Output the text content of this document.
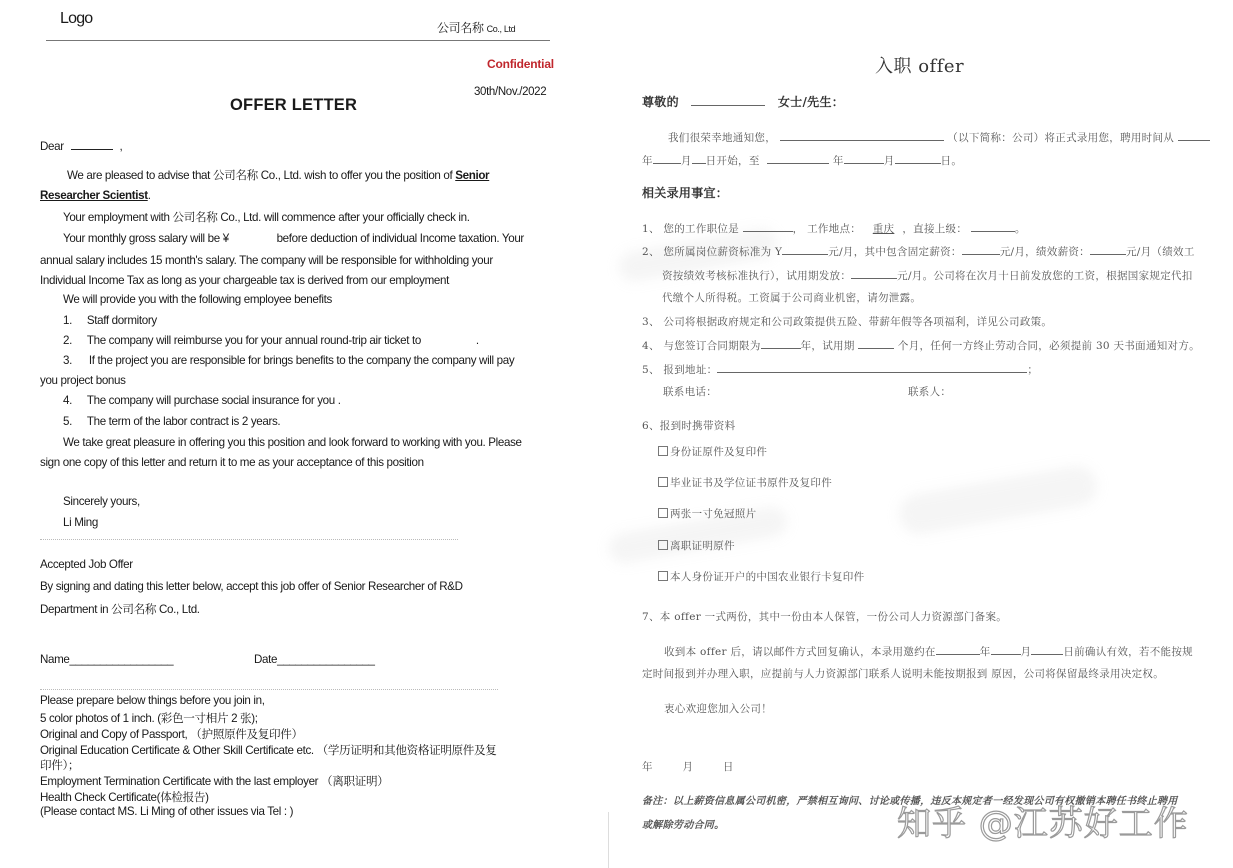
Logo
公司名称 Co., Ltd
Confidential
30th/Nov./2022
OFFER LETTER
Dear	,
We are pleased to advise that 公司名称 Co., Ltd. wish to offer you the position of Senior
Researcher Scientist.
Your employment with 公司名称 Co., Ltd. will commence after your officially check in.
Your monthly gross salary will be ¥	before deduction of individual Income taxation. Your
annual salary includes 15 month's salary. The company will be responsible for withholding your
Individual Income Tax as long as your chargeable tax is derived from our employment
We will provide you with the following employee benefits
1. Staff dormitory
2. The company will reimburse you for your annual round-trip air ticket to	.
3. If the project you are responsible for brings benefits to the company the company will pay
you project bonus
4. The company will purchase social insurance for you .
5. The term of the labor contract is 2 years.
We take great pleasure in offering you this position and look forward to working with you. Please
sign one copy of this letter and return it to me as your acceptance of this position
Sincerely yours,
Li Ming
Accepted Job Offer
By signing and dating this letter below, accept this job offer of Senior Researcher of R&D
Department in 公司名称 Co., Ltd.
Name_________________	Date________________
Please prepare below things before you join in,
5 color photos of 1 inch. (彩色一寸相片 2 张);
Original and Copy of Passport, （护照原件及复印件）
Original Education Certificate & Other Skill Certificate etc. （学历证明和其他资格证明原件及复
印件）；
Employment Termination Certificate with the last employer （离职证明）
Health Check Certificate(体检报告)
(Please contact MS. Li Ming of other issues via Tel : )
入职 offer
尊敬的	女士/先生：
我们很荣幸地通知您，	（以下简称：公司）将正式录用您，聘用时间从
年	月 日开始，至	年	月	日。
相关录用事宜：
1、 您的工作职位是	， 工作地点： 重庆 ，直接上级：	。
2、 您所属岗位薪资标准为 Y	元/月，其中包含固定薪资：	元/月，绩效薪资：	元/月（绩效工
资按绩效考核标准执行），试用期发放：	元/月。公司将在次月十日前发放您的工资，根据国家规定代扣
代缴个人所得税。工资属于公司商业机密，请勿泄露。
3、 公司将根据政府规定和公司政策提供五险、带薪年假等各项福利，详见公司政策。
4、 与您签订合同期限为	年，试用期	个月，任何一方终止劳动合同，必须提前 30 天书面通知对方。
5、 报到地址：	；
联系电话：	联系人：
6、报到时携带资料
身份证原件及复印件
毕业证书及学位证书原件及复印件
两张一寸免冠照片
离职证明原件
本人身份证开户的中国农业银行卡复印件
7、本 offer 一式两份，其中一份由本人保管，一份公司人力资源部门备案。
收到本 offer 后，请以邮件方式回复确认，本录用邀约在	年	月	日前确认有效，若不能按规
定时间报到并办理入职，应提前与人力资源部门联系人说明未能按期报到 原因，公司将保留最终录用决定权。
衷心欢迎您加入公司！
年	月	日
备注：以上薪资信息属公司机密，严禁相互询问、讨论或传播，违反本规定者一经发现公司有权撤销本聘任书终止聘用
或解除劳动合同。	知乎 @江苏好工作
